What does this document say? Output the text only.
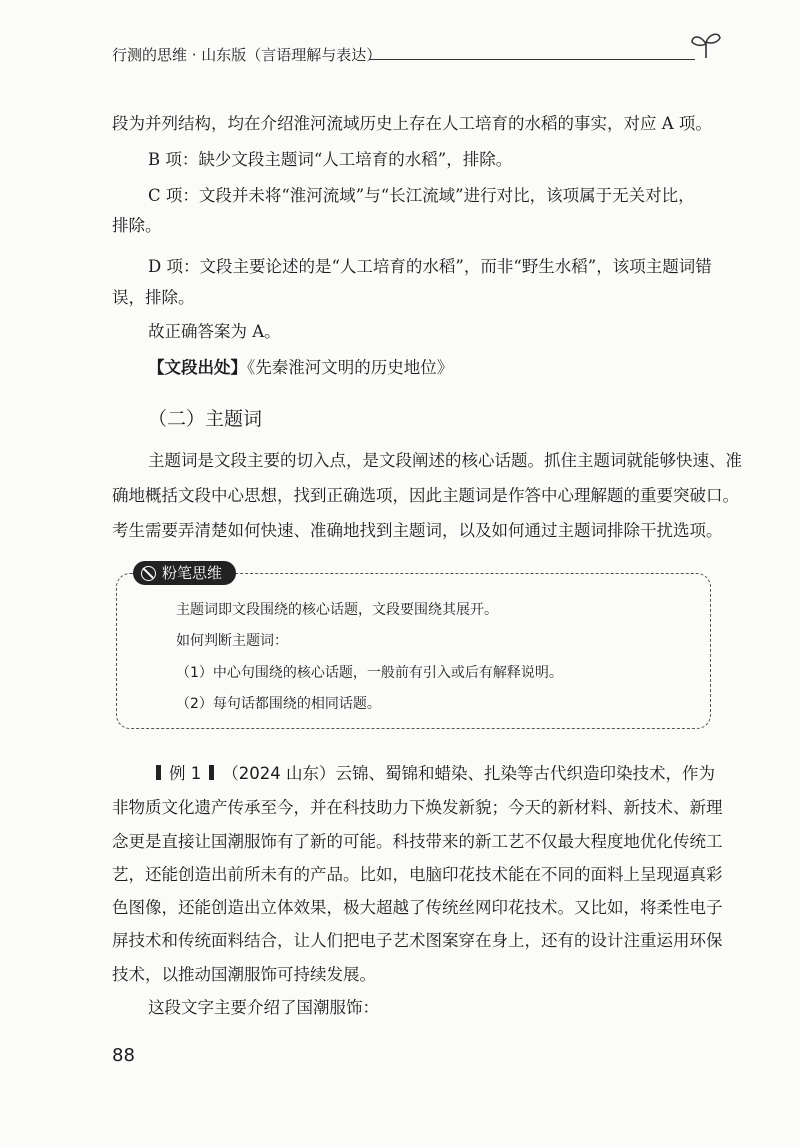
行测的思维 · 山东版（言语理解与表达）
段为并列结构，均在介绍淮河流域历史上存在人工培育的水稻的事实，对应 A 项。
B 项：缺少文段主题词“人工培育的水稻”，排除。
C 项：文段并未将“淮河流域”与“长江流域”进行对比，该项属于无关对比，
排除。
D 项：文段主要论述的是“人工培育的水稻”，而非“野生水稻”，该项主题词错
误，排除。
故正确答案为 A。
【文段出处】《先秦淮河文明的历史地位》
（二）主题词
主题词是文段主要的切入点，是文段阐述的核心话题。抓住主题词就能够快速、准
确地概括文段中心思想，找到正确选项，因此主题词是作答中心理解题的重要突破口。
考生需要弄清楚如何快速、准确地找到主题词，以及如何通过主题词排除干扰选项。
粉笔思维
主题词即文段围绕的核心话题，文段要围绕其展开。
如何判断主题词：
（1）中心句围绕的核心话题，一般前有引入或后有解释说明。
（2）每句话都围绕的相同话题。
例 1 （2024 山东）云锦、蜀锦和蜡染、扎染等古代织造印染技术，作为
非物质文化遗产传承至今，并在科技助力下焕发新貌；今天的新材料、新技术、新理
念更是直接让国潮服饰有了新的可能。科技带来的新工艺不仅最大程度地优化传统工
艺，还能创造出前所未有的产品。比如，电脑印花技术能在不同的面料上呈现逼真彩
色图像，还能创造出立体效果，极大超越了传统丝网印花技术。又比如，将柔性电子
屏技术和传统面料结合，让人们把电子艺术图案穿在身上，还有的设计注重运用环保
技术，以推动国潮服饰可持续发展。
这段文字主要介绍了国潮服饰：
88
